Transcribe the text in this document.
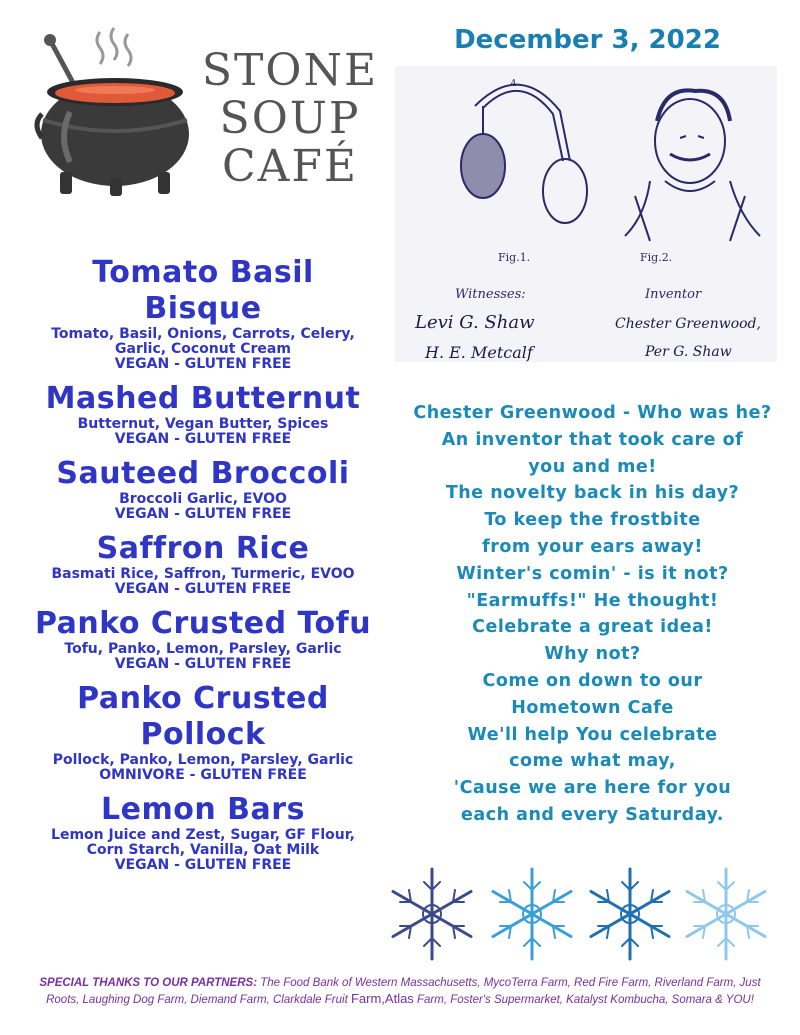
STONE
SOUP
CAFÉ
December 3, 2022
A
Fig.1.	Fig.2.
Witnesses:	Inventor
Levi G. Shaw
H. E. Metcalf
Chester Greenwood,
Per G. Shaw
Tomato Basil Bisque
Tomato, Basil, Onions, Carrots, Celery,
Garlic, Coconut Cream
VEGAN - GLUTEN FREE
Mashed Butternut
Butternut, Vegan Butter, Spices
VEGAN - GLUTEN FREE
Sauteed Broccoli
Broccoli Garlic, EVOO
VEGAN - GLUTEN FREE
Saffron Rice
Basmati Rice, Saffron, Turmeric, EVOO
VEGAN - GLUTEN FREE
Panko Crusted Tofu
Tofu, Panko, Lemon, Parsley, Garlic
VEGAN - GLUTEN FREE
Panko Crusted Pollock
Pollock, Panko, Lemon, Parsley, Garlic
OMNIVORE - GLUTEN FREE
Lemon Bars
Lemon Juice and Zest, Sugar, GF Flour,
Corn Starch, Vanilla, Oat Milk
VEGAN - GLUTEN FREE
Chester Greenwood - Who was he?
An inventor that took care of
you and me!
The novelty back in his day?
To keep the frostbite
from your ears away!
Winter's comin' - is it not?
"Earmuffs!" He thought!
Celebrate a great idea!
Why not?
Come on down to our
Hometown Cafe
We'll help You celebrate
come what may,
'Cause we are here for you
each and every Saturday.
SPECIAL THANKS TO OUR PARTNERS: The Food Bank of Western Massachusetts, MycoTerra Farm, Red Fire Farm, Riverland Farm, Just Roots, Laughing Dog Farm, Diemand Farm, Clarkdale Fruit Farm,Atlas Farm, Foster's Supermarket, Katalyst Kombucha, Somara & YOU!
